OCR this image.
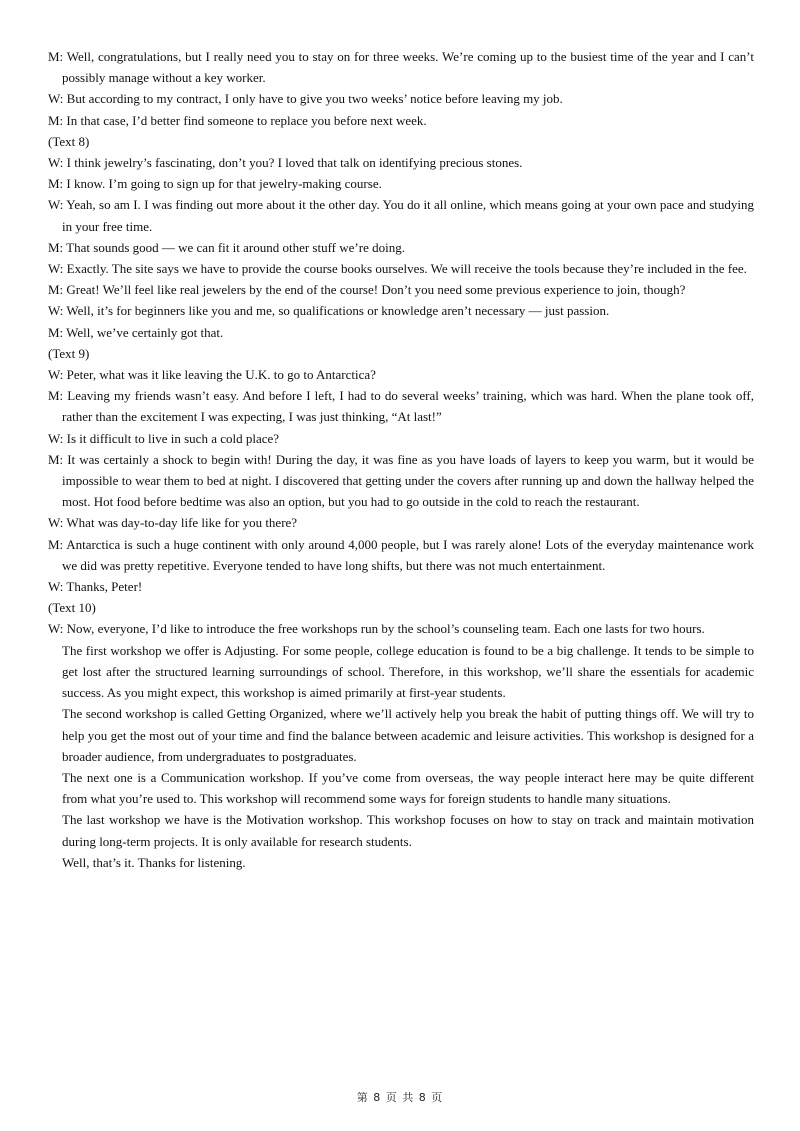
M: Well, congratulations, but I really need you to stay on for three weeks. We’re coming up to the busiest time of the year and I can’t possibly manage without a key worker.

W: But according to my contract, I only have to give you two weeks’ notice before leaving my job.

M: In that case, I’d better find someone to replace you before next week.

(Text 8)

W: I think jewelry’s fascinating, don’t you? I loved that talk on identifying precious stones.

M: I know. I’m going to sign up for that jewelry-making course.

W: Yeah, so am I. I was finding out more about it the other day. You do it all online, which means going at your own pace and studying in your free time.

M: That sounds good — we can fit it around other stuff we’re doing.

W: Exactly. The site says we have to provide the course books ourselves. We will receive the tools because they’re included in the fee.

M: Great! We’ll feel like real jewelers by the end of the course! Don’t you need some previous experience to join, though?

W: Well, it’s for beginners like you and me, so qualifications or knowledge aren’t necessary — just passion.

M: Well, we’ve certainly got that.

(Text 9)

W: Peter, what was it like leaving the U.K. to go to Antarctica?

M: Leaving my friends wasn’t easy. And before I left, I had to do several weeks’ training, which was hard. When the plane took off, rather than the excitement I was expecting, I was just thinking, “At last!”

W: Is it difficult to live in such a cold place?

M: It was certainly a shock to begin with! During the day, it was fine as you have loads of layers to keep you warm, but it would be impossible to wear them to bed at night. I discovered that getting under the covers after running up and down the hallway helped the most. Hot food before bedtime was also an option, but you had to go outside in the cold to reach the restaurant.

W: What was day-to-day life like for you there?

M: Antarctica is such a huge continent with only around 4,000 people, but I was rarely alone! Lots of the everyday maintenance work we did was pretty repetitive. Everyone tended to have long shifts, but there was not much entertainment.

W: Thanks, Peter!

(Text 10)

W: Now, everyone, I’d like to introduce the free workshops run by the school’s counseling team. Each one lasts for two hours.

The first workshop we offer is Adjusting. For some people, college education is found to be a big challenge. It tends to be simple to get lost after the structured learning surroundings of school. Therefore, in this workshop, we’ll share the essentials for academic success. As you might expect, this workshop is aimed primarily at first-year students.

The second workshop is called Getting Organized, where we’ll actively help you break the habit of putting things off. We will try to help you get the most out of your time and find the balance between academic and leisure activities. This workshop is designed for a broader audience, from undergraduates to postgraduates.

The next one is a Communication workshop. If you’ve come from overseas, the way people interact here may be quite different from what you’re used to. This workshop will recommend some ways for foreign students to handle many situations.

The last workshop we have is the Motivation workshop. This workshop focuses on how to stay on track and maintain motivation during long-term projects. It is only available for research students.

Well, that’s it. Thanks for listening.

第 8 页 共 8 页
